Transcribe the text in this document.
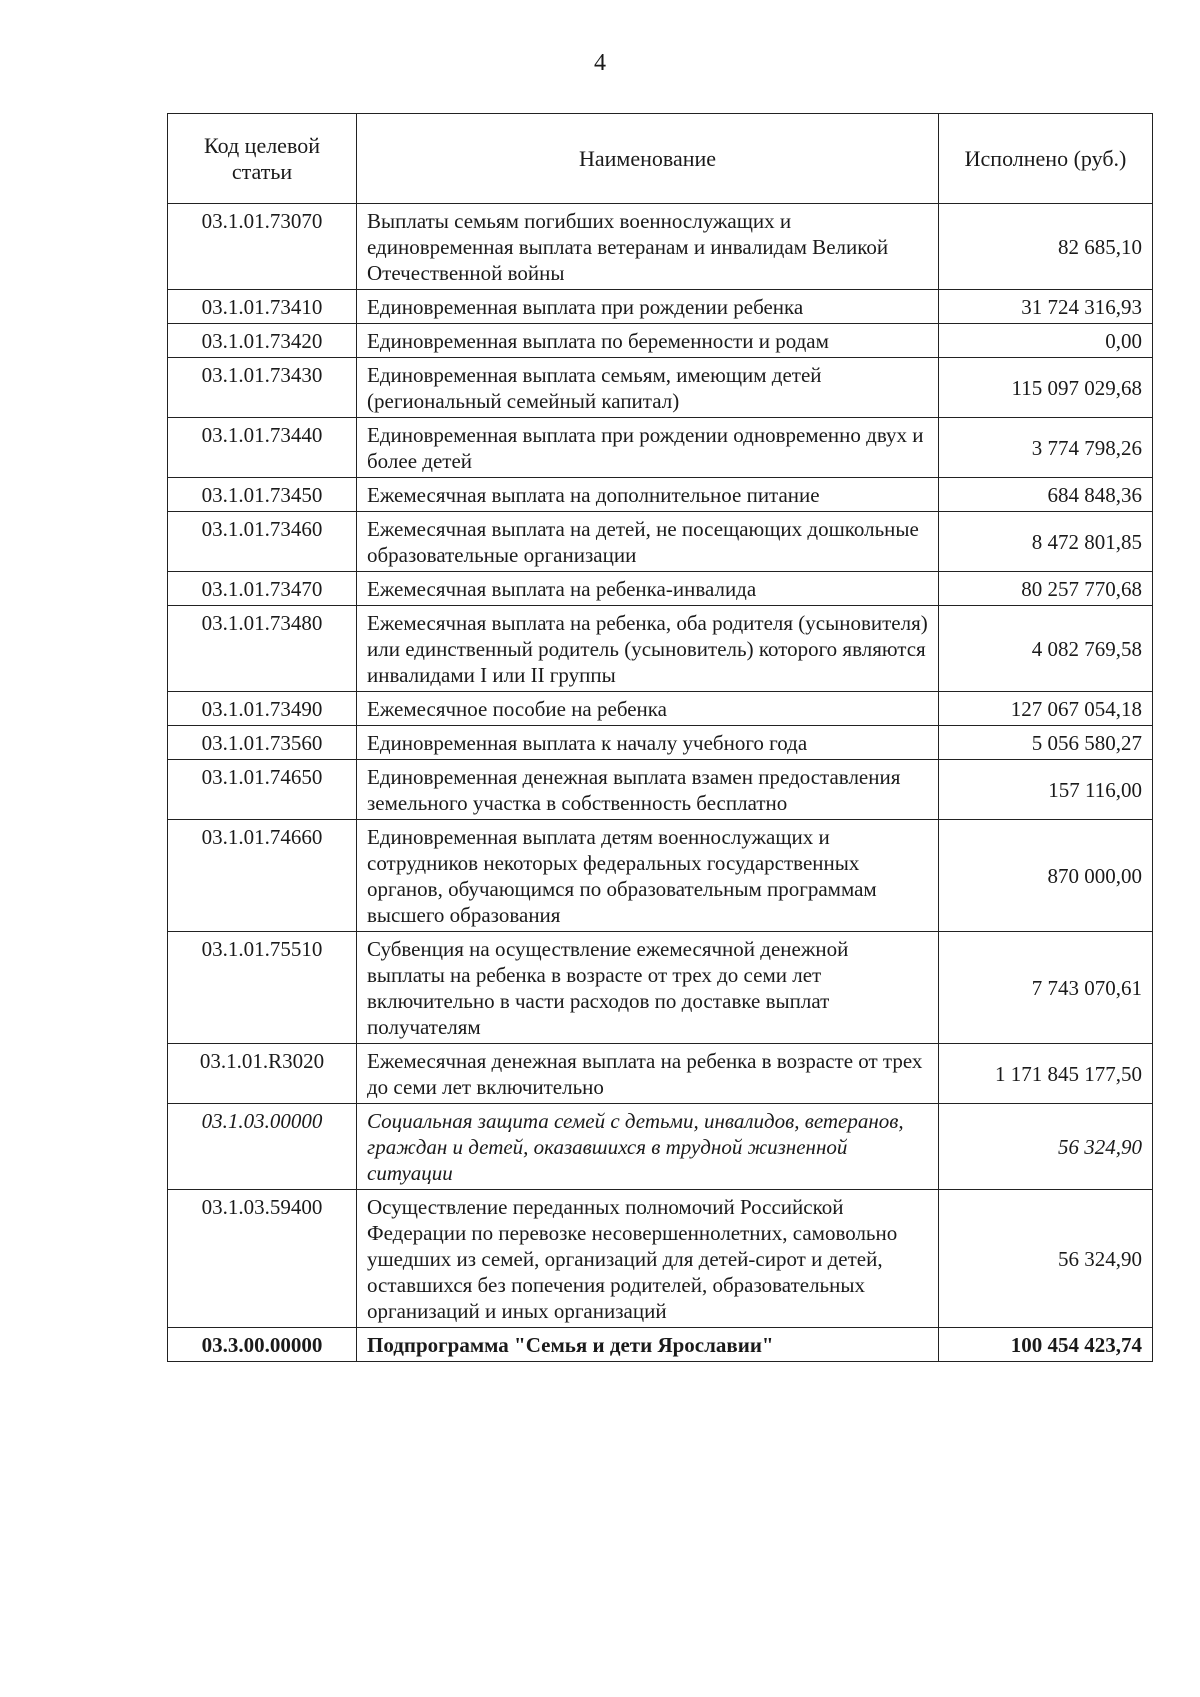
4
Код целевой статьи	Наименование	Исполнено (руб.)
03.1.01.73070	Выплаты семьям погибших военнослужащих и единовременная выплата ветеранам и инвалидам Великой Отечественной войны	82 685,10
03.1.01.73410	Единовременная выплата при рождении ребенка	31 724 316,93
03.1.01.73420	Единовременная выплата по беременности и родам	0,00
03.1.01.73430	Единовременная выплата семьям, имеющим детей (региональный семейный капитал)	115 097 029,68
03.1.01.73440	Единовременная выплата при рождении одновременно двух и более детей	3 774 798,26
03.1.01.73450	Ежемесячная выплата на дополнительное питание	684 848,36
03.1.01.73460	Ежемесячная выплата на детей, не посещающих дошкольные образовательные организации	8 472 801,85
03.1.01.73470	Ежемесячная выплата на ребенка-инвалида	80 257 770,68
03.1.01.73480	Ежемесячная выплата на ребенка, оба родителя (усыновителя) или единственный родитель (усыновитель) которого являются инвалидами I или II группы	4 082 769,58
03.1.01.73490	Ежемесячное пособие на ребенка	127 067 054,18
03.1.01.73560	Единовременная выплата к началу учебного года	5 056 580,27
03.1.01.74650	Единовременная денежная выплата взамен предоставления земельного участка в собственность бесплатно	157 116,00
03.1.01.74660	Единовременная выплата детям военнослужащих и сотрудников некоторых федеральных государственных органов, обучающимся по образовательным программам высшего образования	870 000,00
03.1.01.75510	Субвенция на осуществление ежемесячной денежной выплаты на ребенка в возрасте от трех до семи лет включительно в части расходов по доставке выплат получателям	7 743 070,61
03.1.01.R3020	Ежемесячная денежная выплата на ребенка в возрасте от трех до семи лет включительно	1 171 845 177,50
03.1.03.00000	Социальная защита семей с детьми, инвалидов, ветеранов, граждан и детей, оказавшихся в трудной жизненной ситуации	56 324,90
03.1.03.59400	Осуществление переданных полномочий Российской Федерации по перевозке несовершеннолетних, самовольно ушедших из семей, организаций для детей-сирот и детей, оставшихся без попечения родителей, образовательных организаций и иных организаций	56 324,90
03.3.00.00000	Подпрограмма "Семья и дети Ярославии"	100 454 423,74
